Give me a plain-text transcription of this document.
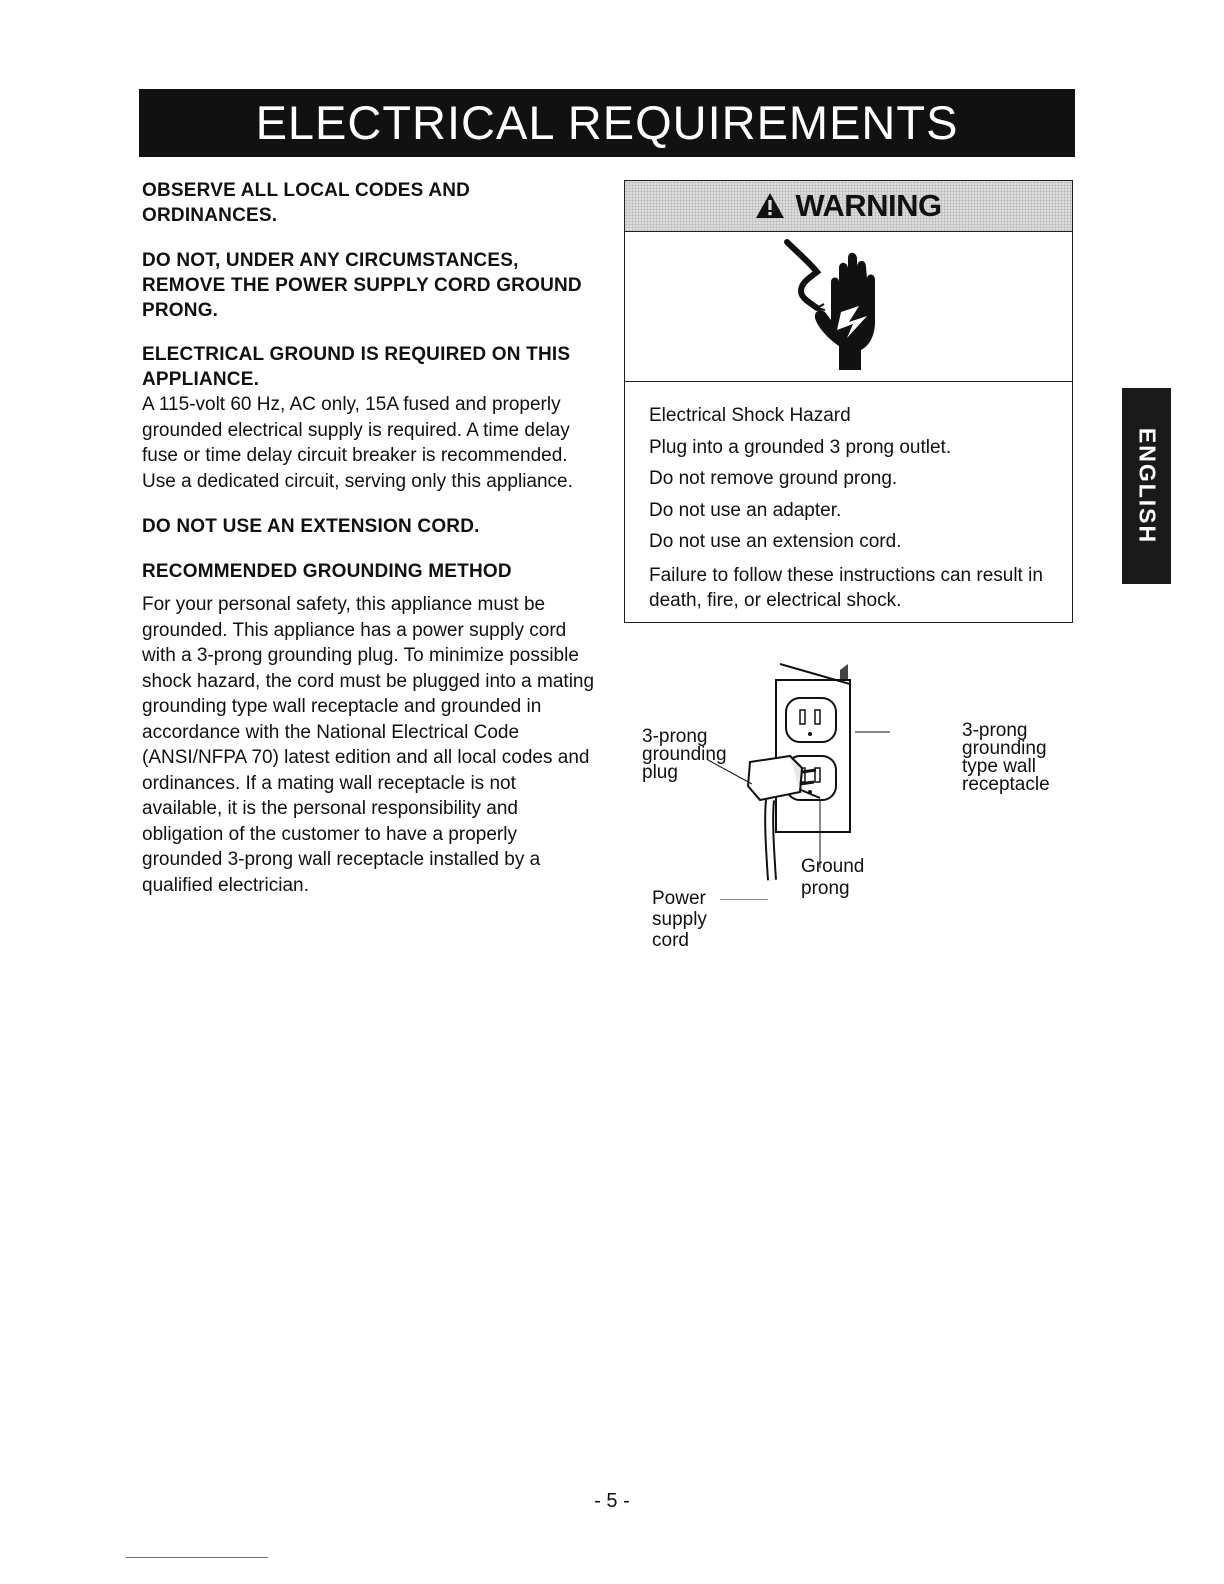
ELECTRICAL REQUIREMENTS
OBSERVE ALL LOCAL CODES AND ORDINANCES.
DO NOT, UNDER ANY CIRCUMSTANCES, REMOVE THE POWER SUPPLY CORD GROUND PRONG.
ELECTRICAL GROUND IS REQUIRED ON THIS APPLIANCE.

A 115-volt 60 Hz, AC only, 15A fused and properly grounded electrical supply is required. A time delay fuse or time delay circuit breaker is recommended. Use a dedicated circuit, serving only this appliance.

DO NOT USE AN EXTENSION CORD.
RECOMMENDED GROUNDING METHOD

For your personal safety, this appliance must be grounded. This appliance has a power supply cord with a 3-prong grounding plug. To minimize possible shock hazard, the cord must be plugged into a mating grounding type wall receptacle and grounded in accordance with the National Electrical Code (ANSI/NFPA 70) latest edition and all local codes and ordinances. If a mating wall receptacle is not available, it is the personal responsibility and obligation of the customer to have a properly grounded 3-prong wall receptacle installed by a qualified electrician.

WARNING
Electrical Shock Hazard
Plug into a grounded 3 prong outlet.
Do not remove ground prong.
Do not use an adapter.
Do not use an extension cord.
Failure to follow these instructions can result in death, fire, or electrical shock.
3-prong
grounding
plug
3-prong
grounding
type wall
receptacle
Ground
prong
Power
supply
cord
ENGLISH
- 5 -
